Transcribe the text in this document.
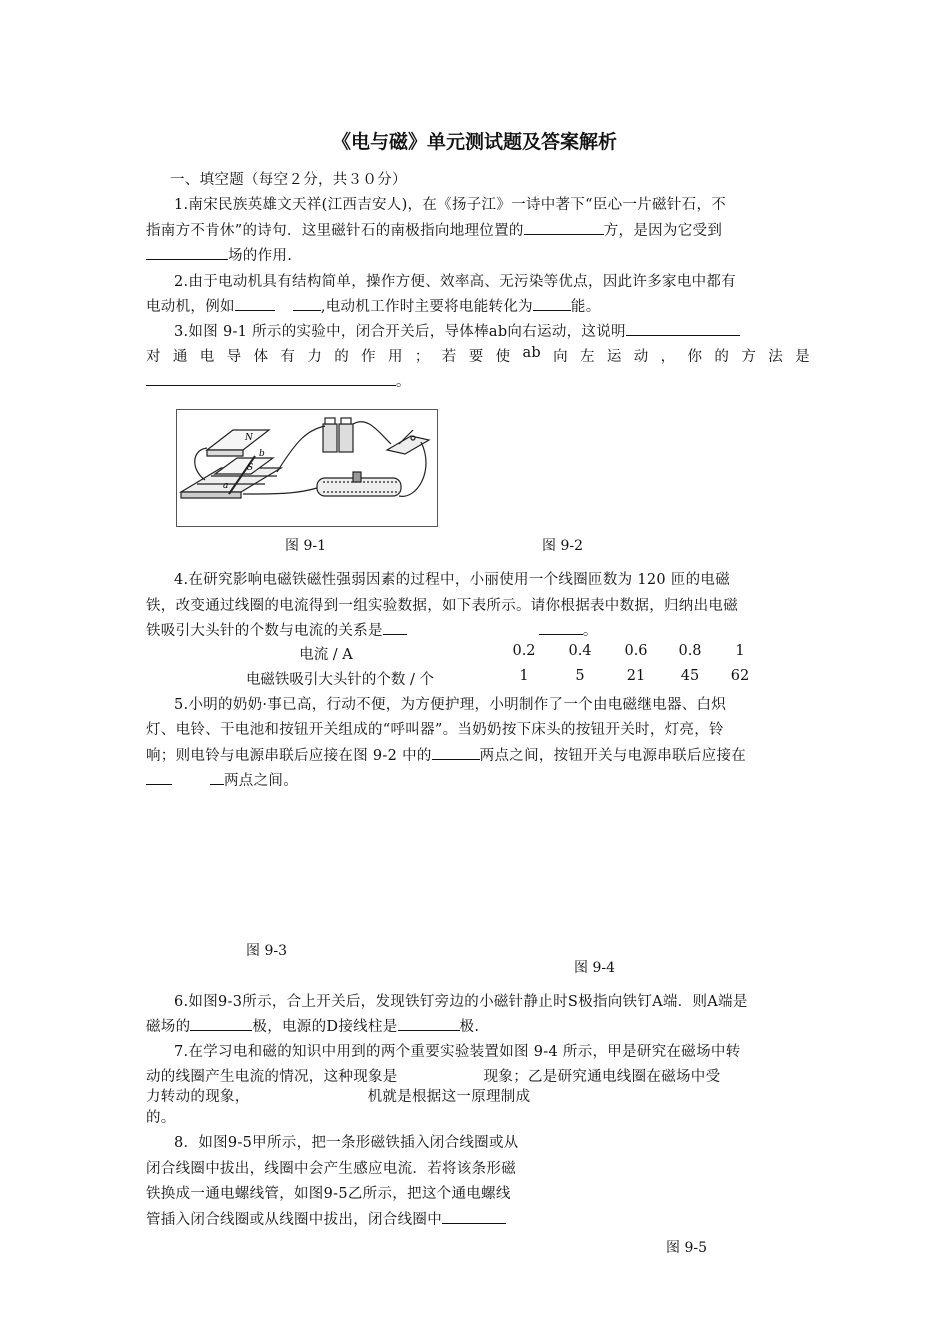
《电与磁》单元测试题及答案解析
一、填空题（每空２分，共３０分）
1.南宋民族英雄文天祥(江西吉安人)，在《扬子江》一诗中著下“臣心一片磁针石，不
指南方不肯休”的诗句．这里磁针石的南极指向地理位置的	方，是因为它受到
场的作用.
2.由于电动机具有结构简单，操作方便、效率高、无污染等优点，因此许多家电中都有
电动机，例如	,电动机工作时主要将电能转化为	能。
3.如图 9-1 所示的实验中，闭合开关后，导体棒ab向右运动，这说明
对 通 电 导 体 有 力 的 作 用 ； 若 要 使 ab 向 左 运 动 ， 你 的 方 法 是
。
N
S
a
b
图 9-1	图 9-2
4.在研究影响电磁铁磁性强弱因素的过程中，小丽使用一个线圈匝数为 120 匝的电磁
铁，改变通过线圈的电流得到一组实验数据，如下表所示。请你根据表中数据，归纳出电磁
铁吸引大头针的个数与电流的关系是	。
电流 / A	0.2	0.4	0.6	0.8	1
电磁铁吸引大头针的个数 / 个	1	5	21	45	62
5.小明的奶奶·事已高，行动不便，为方便护理，小明制作了一个由电磁继电器、白炽
灯、电铃、干电池和按钮开关组成的“呼叫器”。当奶奶按下床头的按钮开关时，灯亮，铃
响；则电铃与电源串联后应接在图 9-2 中的	两点之间，按钮开关与电源串联后应接在
两点之间。
图 9-3
图 9-4
6.如图9-3所示，合上开关后，发现铁钉旁边的小磁针静止时S极指向铁钉A端．则A端是
磁场的	极，电源的D接线柱是	极.
7.在学习电和磁的知识中用到的两个重要实验装置如图 9-4 所示，甲是研究在磁场中转
动的线圈产生电流的情况，这种现象是	现象；乙是研究通电线圈在磁场中受
力转动的现象，	机就是根据这一原理制成
的。
8．如图9-5甲所示，把一条形磁铁插入闭合线圈或从
闭合线圈中拔出，线圈中会产生感应电流．若将该条形磁
铁换成一通电螺线管，如图9-5乙所示，把这个通电螺线
管插入闭合线圈或从线圈中拔出，闭合线圈中
图 9-5
